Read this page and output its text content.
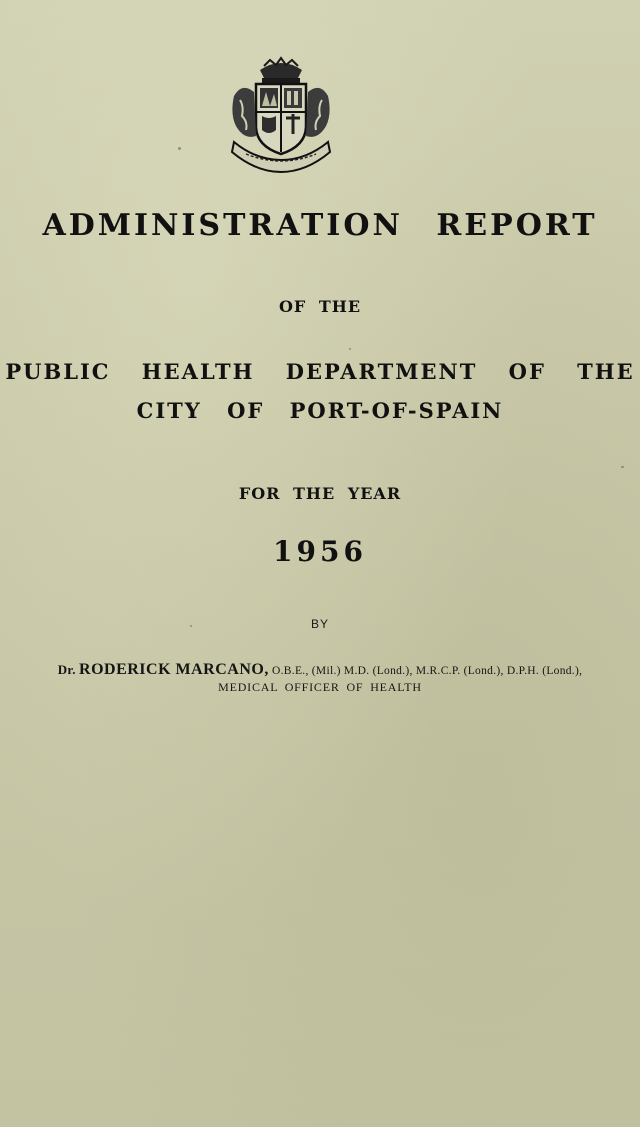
ADMINISTRATION REPORT
OF THE
PUBLIC HEALTH DEPARTMENT OF THE
CITY OF PORT-OF-SPAIN
FOR THE YEAR
1956
BY
Dr. RODERICK MARCANO, O.B.E., (Mil.) M.D. (Lond.), M.R.C.P. (Lond.), D.P.H. (Lond.),
MEDICAL OFFICER OF HEALTH
